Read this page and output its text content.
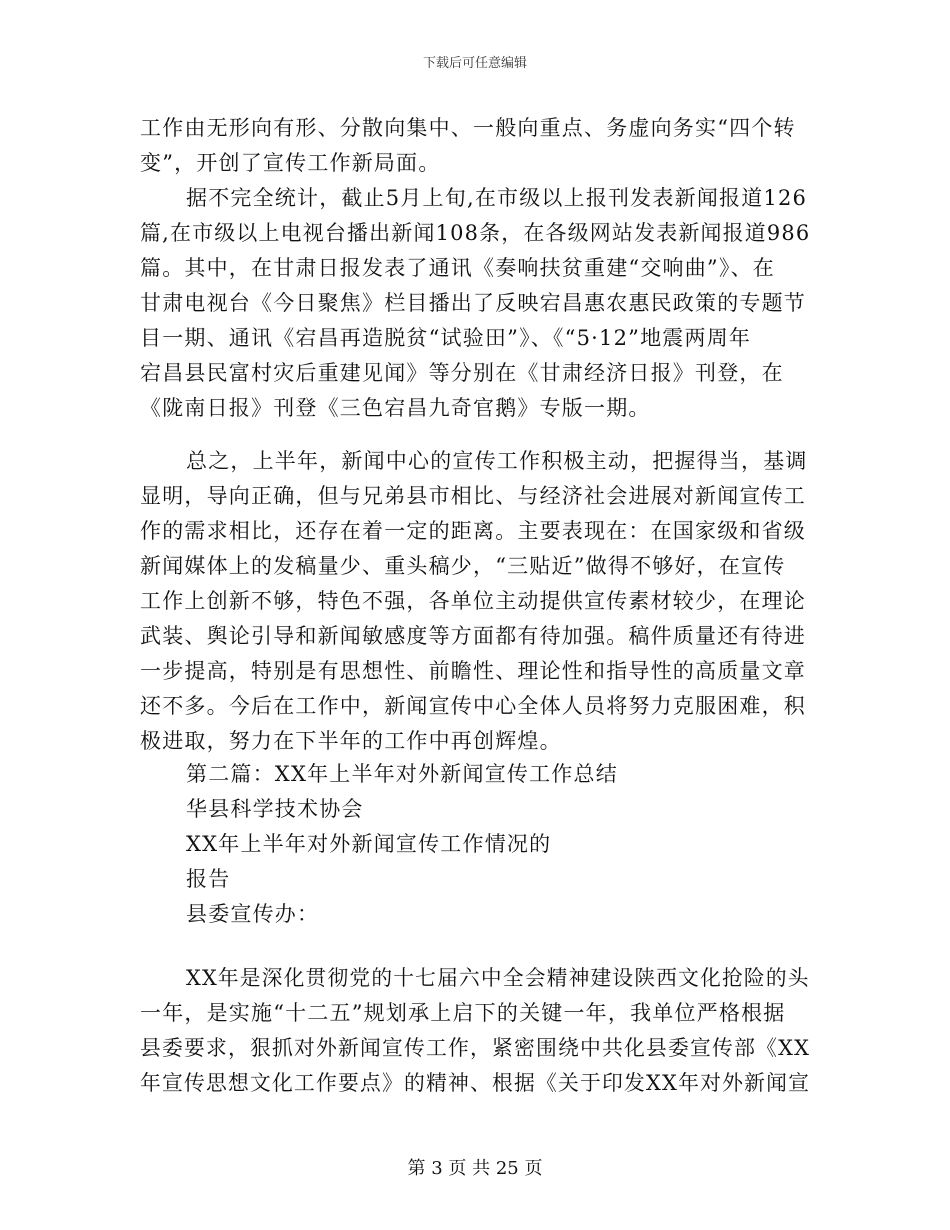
下载后可任意编辑
工作由无形向有形、分散向集中、一般向重点、务虚向务实“四个转
变”，开创了宣传工作新局面。
据不完全统计，截止5月上旬,在市级以上报刊发表新闻报道126
篇,在市级以上电视台播出新闻108条，在各级网站发表新闻报道986
篇。其中，在甘肃日报发表了通讯《奏响扶贫重建“交响曲”》、在
甘肃电视台《今日聚焦》栏目播出了反映宕昌惠农惠民政策的专题节
目一期、通讯《宕昌再造脱贫“试验田”》、《“5·12”地震两周年
宕昌县民富村灾后重建见闻》等分别在《甘肃经济日报》刊登，在
《陇南日报》刊登《三色宕昌九奇官鹅》专版一期。
总之，上半年，新闻中心的宣传工作积极主动，把握得当，基调
显明，导向正确，但与兄弟县市相比、与经济社会进展对新闻宣传工
作的需求相比，还存在着一定的距离。主要表现在：在国家级和省级
新闻媒体上的发稿量少、重头稿少，“三贴近”做得不够好，在宣传
工作上创新不够，特色不强，各单位主动提供宣传素材较少，在理论
武装、舆论引导和新闻敏感度等方面都有待加强。稿件质量还有待进
一步提高，特别是有思想性、前瞻性、理论性和指导性的高质量文章
还不多。今后在工作中，新闻宣传中心全体人员将努力克服困难，积
极进取，努力在下半年的工作中再创辉煌。
第二篇：XX年上半年对外新闻宣传工作总结
华县科学技术协会
XX年上半年对外新闻宣传工作情况的
报告
县委宣传办：
XX年是深化贯彻党的十七届六中全会精神建设陕西文化抢险的头
一年，是实施“十二五”规划承上启下的关键一年，我单位严格根据
县委要求，狠抓对外新闻宣传工作，紧密围绕中共化县委宣传部《XX
年宣传思想文化工作要点》的精神、根据《关于印发XX年对外新闻宣
第 3 页 共 25 页
